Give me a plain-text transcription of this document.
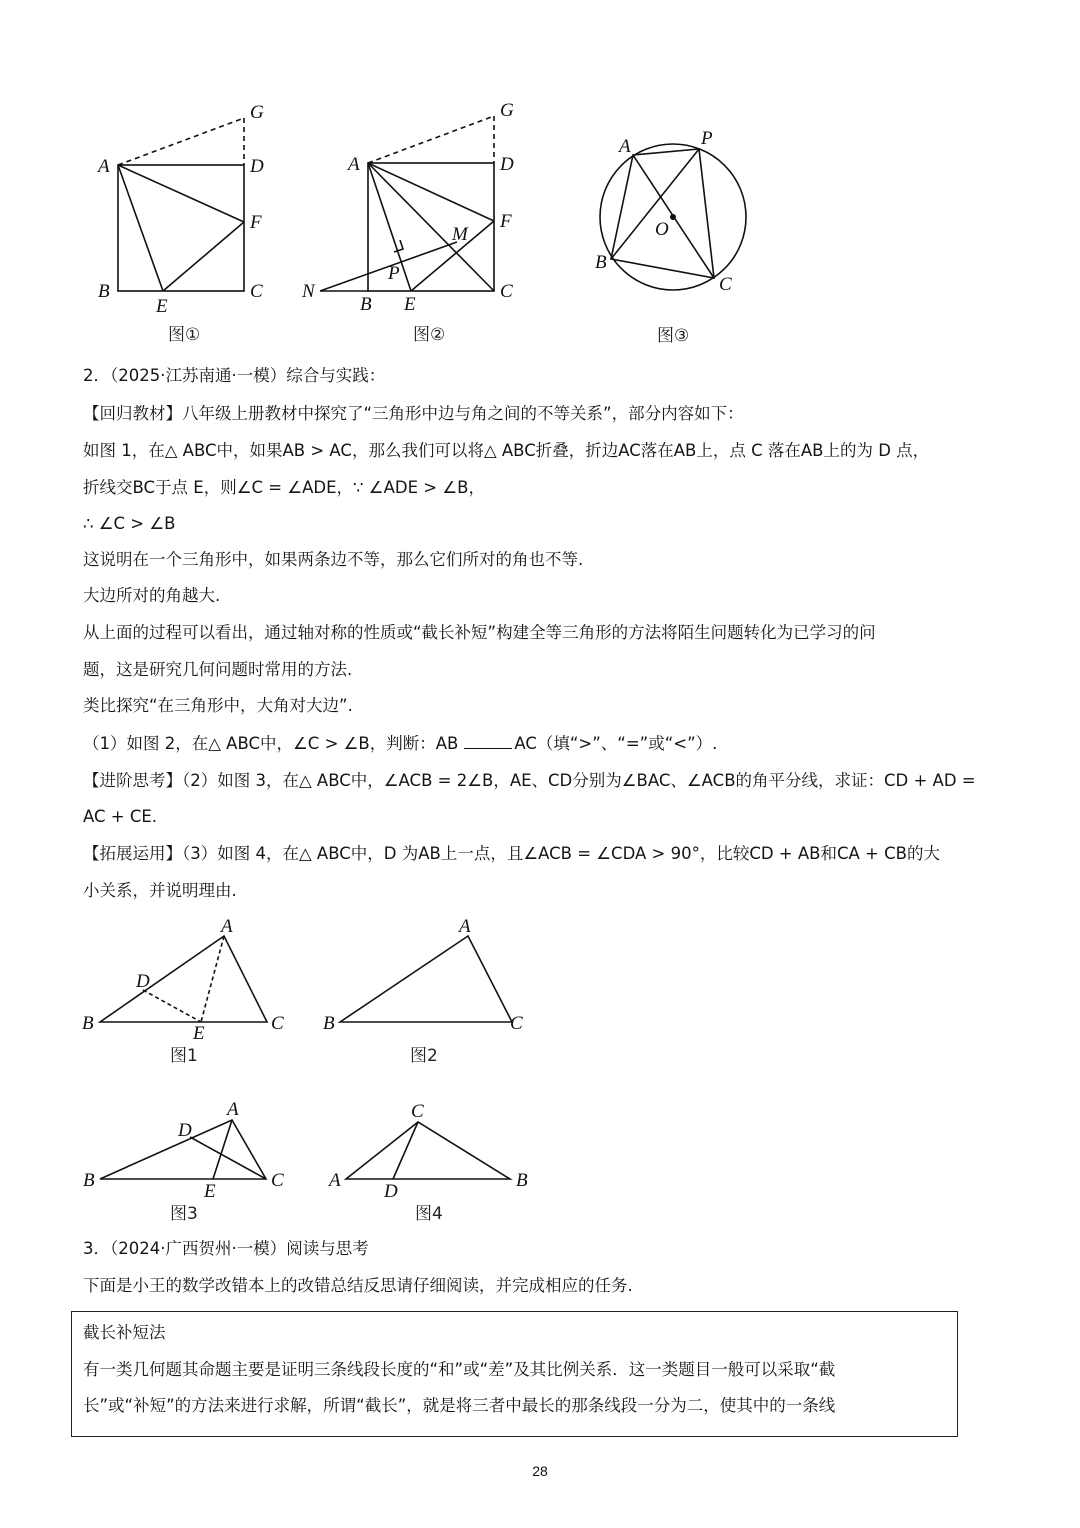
G
A	D
F
B	C
E
图①
G
A	D
F
M
P
N
B E
C
图②
A	P
O
B
C
图③
2．（2025·江苏南通·一模）综合与实践：
【回归教材】八年级上册教材中探究了“三角形中边与角之间的不等关系”，部分内容如下：
如图 1，在△ ABC中，如果AB > AC，那么我们可以将△ ABC折叠，折边AC落在AB上，点 C 落在AB上的为 D 点，
折线交BC于点 E，则∠C = ∠ADE，∵ ∠ADE > ∠B，
∴ ∠C > ∠B
这说明在一个三角形中，如果两条边不等，那么它们所对的角也不等.
大边所对的角越大.
从上面的过程可以看出，通过轴对称的性质或“截长补短”构建全等三角形的方法将陌生问题转化为已学习的问
题，这是研究几何问题时常用的方法.
类比探究“在三角形中，大角对大边”.
（1）如图 2，在△ ABC中，∠C > ∠B，判断：AB	AC（填“>”、“=”或“<”）.
【进阶思考】（2）如图 3，在△ ABC中，∠ACB = 2∠B，AE、CD分别为∠BAC、∠ACB的角平分线，求证：CD + AD =
AC + CE.
【拓展运用】（3）如图 4，在△ ABC中，D 为AB上一点，且∠ACB = ∠CDA > 90°，比较CD + AB和CA + CB的大
小关系，并说明理由.
A
D
B	E	C
图1
A
B	C
图2
A
D
B
E
C
图3
C
A
D
B
图4
3．（2024·广西贺州·一模）阅读与思考
下面是小王的数学改错本上的改错总结反思请仔细阅读，并完成相应的任务.
截长补短法
有一类几何题其命题主要是证明三条线段长度的“和”或“差”及其比例关系．这一类题目一般可以采取“截
长”或“补短”的方法来进行求解，所谓“截长”，就是将三者中最长的那条线段一分为二，使其中的一条线
28
